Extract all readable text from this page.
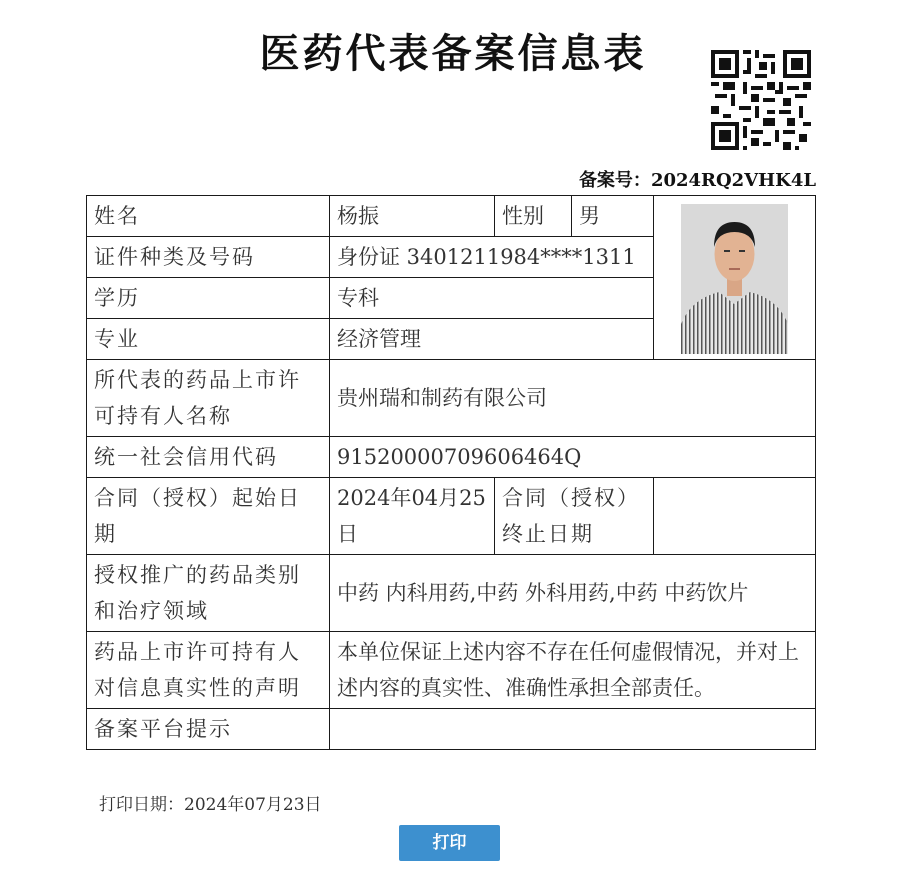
医药代表备案信息表
备案号：2024RQ2VHK4L
姓名	杨振	性别	男	

证件种类及号码	身份证 3401211984****1311			
学历	专科			
专业	经济管理			
所代表的药品上市许可持有人名称	贵州瑞和制药有限公司			
统一社会信用代码	91520000709606464Q			
合同（授权）起始日期	2024年04月25日	合同（授权）终止日期		
授权推广的药品类别和治疗领域	中药 内科用药,中药 外科用药,中药 中药饮片			
药品上市许可持有人对信息真实性的声明	本单位保证上述内容不存在任何虚假情况，并对上述内容的真实性、准确性承担全部责任。			
备案平台提示				
打印日期：2024年07月23日
打印
